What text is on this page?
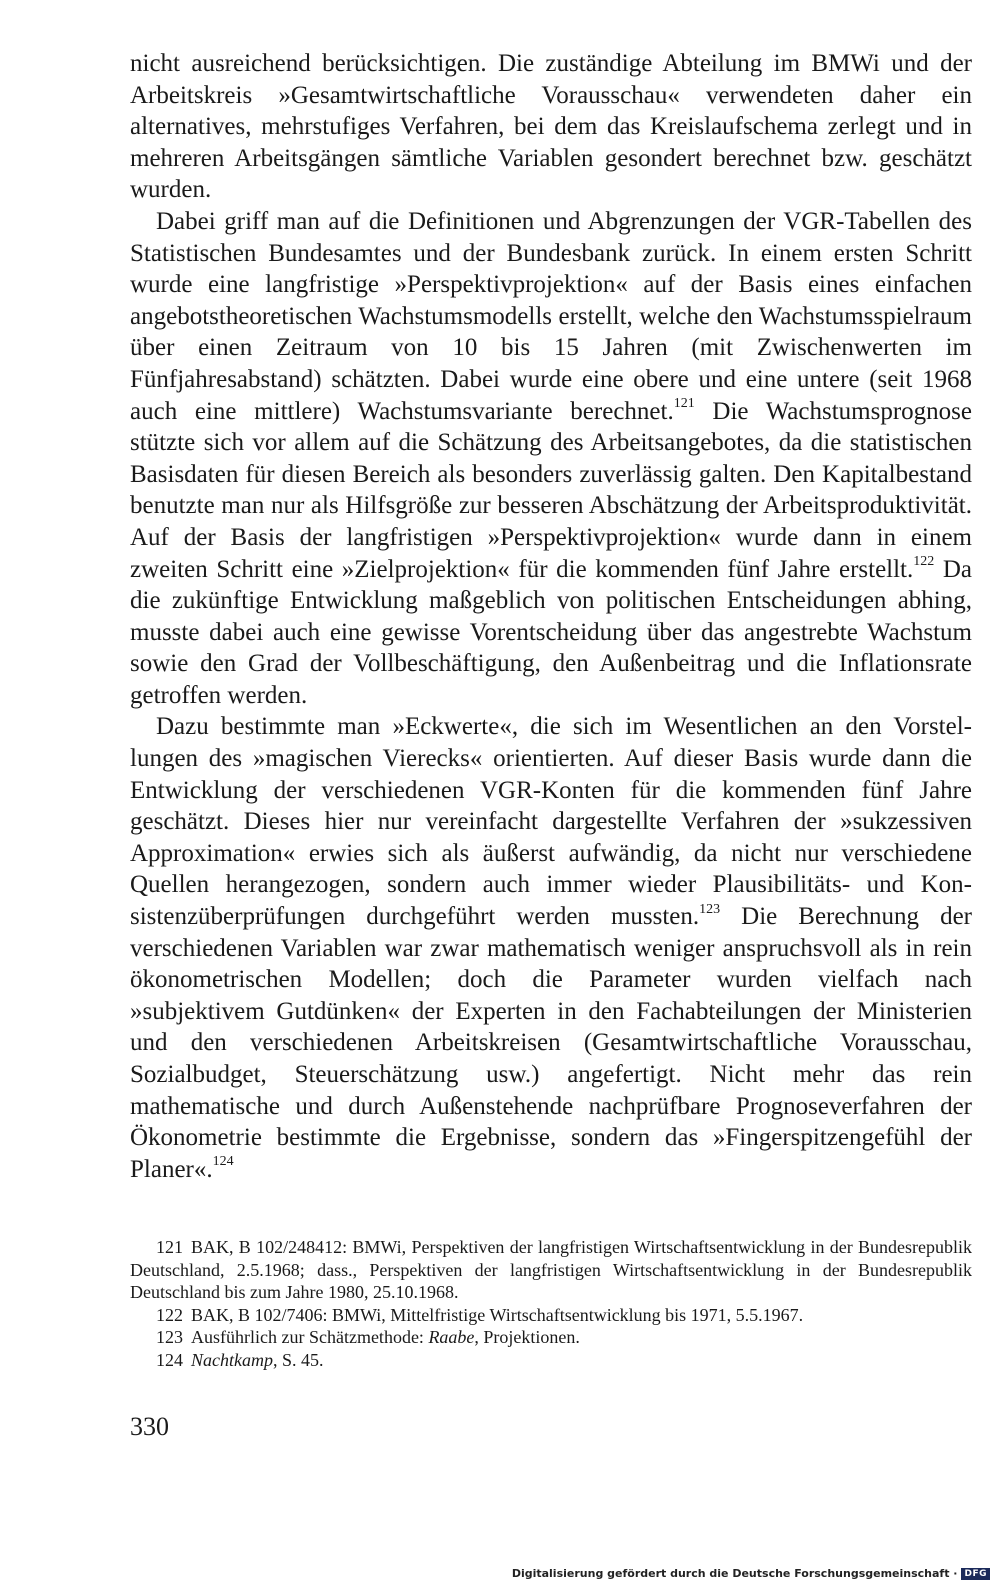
nicht ausreichend berücksichtigen. Die zuständige Abteilung im BMWi und der Arbeitskreis »Gesamtwirtschaftliche Vorausschau« verwendeten daher ein alternatives, mehrstufiges Verfahren, bei dem das Kreislaufschema zerlegt und in mehreren Arbeitsgängen sämtliche Variablen gesondert berechnet bzw. geschätzt wurden.

Dabei griff man auf die Definitionen und Abgrenzungen der VGR-Tabellen des Statistischen Bundesamtes und der Bundesbank zurück. In einem ersten Schritt wurde eine langfristige »Perspektivprojektion« auf der Basis eines einfachen angebotstheoretischen Wachstumsmodells erstellt, welche den Wachstumsspielraum über einen Zeitraum von 10 bis 15 Jahren (mit Zwischenwerten im Fünfjahresabstand) schätzten. Dabei wurde eine obere und eine untere (seit 1968 auch eine mittlere) Wachstumsvariante berechnet.$^{121}$ Die Wachstumsprognose stützte sich vor allem auf die Schätzung des Arbeitsangebotes, da die statistischen Basisdaten für diesen Bereich als besonders zuverlässig galten. Den Kapitalbestand benutzte man nur als Hilfsgröße zur besseren Abschätzung der Arbeitsproduktivität. Auf der Basis der langfristigen »Perspektivprojektion« wurde dann in einem zweiten Schritt eine »Zielprojektion« für die kommenden fünf Jahre erstellt.$^{122}$ Da die zukünftige Entwicklung maßgeblich von politischen Entscheidungen abhing, musste dabei auch eine gewisse Vorentscheidung über das angestrebte Wachstum sowie den Grad der Vollbeschäftigung, den Außenbeitrag und die Inflationsrate getroffen werden.

Dazu bestimmte man »Eckwerte«, die sich im Wesentlichen an den Vorstellungen des »magischen Vierecks« orientierten. Auf dieser Basis wurde dann die Entwicklung der verschiedenen VGR-Konten für die kommenden fünf Jahre geschätzt. Dieses hier nur vereinfacht dargestellte Verfahren der »sukzessiven Approximation« erwies sich als äußerst aufwändig, da nicht nur verschiedene Quellen herangezogen, sondern auch immer wieder Plausibilitäts- und Konsistenzüberprüfungen durchgeführt werden mussten.$^{123}$ Die Berechnung der verschiedenen Variablen war zwar mathematisch weniger anspruchsvoll als in rein ökonometrischen Modellen; doch die Parameter wurden vielfach nach »subjektivem Gutdünken« der Experten in den Fachabteilungen der Ministerien und den verschiedenen Arbeitskreisen (Gesamtwirtschaftliche Vorausschau, Sozialbudget, Steuerschätzung usw.) angefertigt. Nicht mehr das rein mathematische und durch Außenstehende nachprüfbare Prognoseverfahren der Ökonometrie bestimmte die Ergebnisse, sondern das »Fingerspitzengefühl der Planer«.$^{124}$

121 BAK, B 102/248412: BMWi, Perspektiven der langfristigen Wirtschaftsentwicklung in der Bundesrepublik Deutschland, 2.5.1968; dass., Perspektiven der langfristigen Wirtschaftsentwicklung in der Bundesrepublik Deutschland bis zum Jahre 1980, 25.10.1968.

122 BAK, B 102/7406: BMWi, Mittelfristige Wirtschaftsentwicklung bis 1971, 5.5.1967.

123 Ausführlich zur Schätzmethode: Raabe, Projektionen.

124 Nachtkamp, S. 45.

330
Digitalisierung gefördert durch die Deutsche Forschungsgemeinschaft · DFG
